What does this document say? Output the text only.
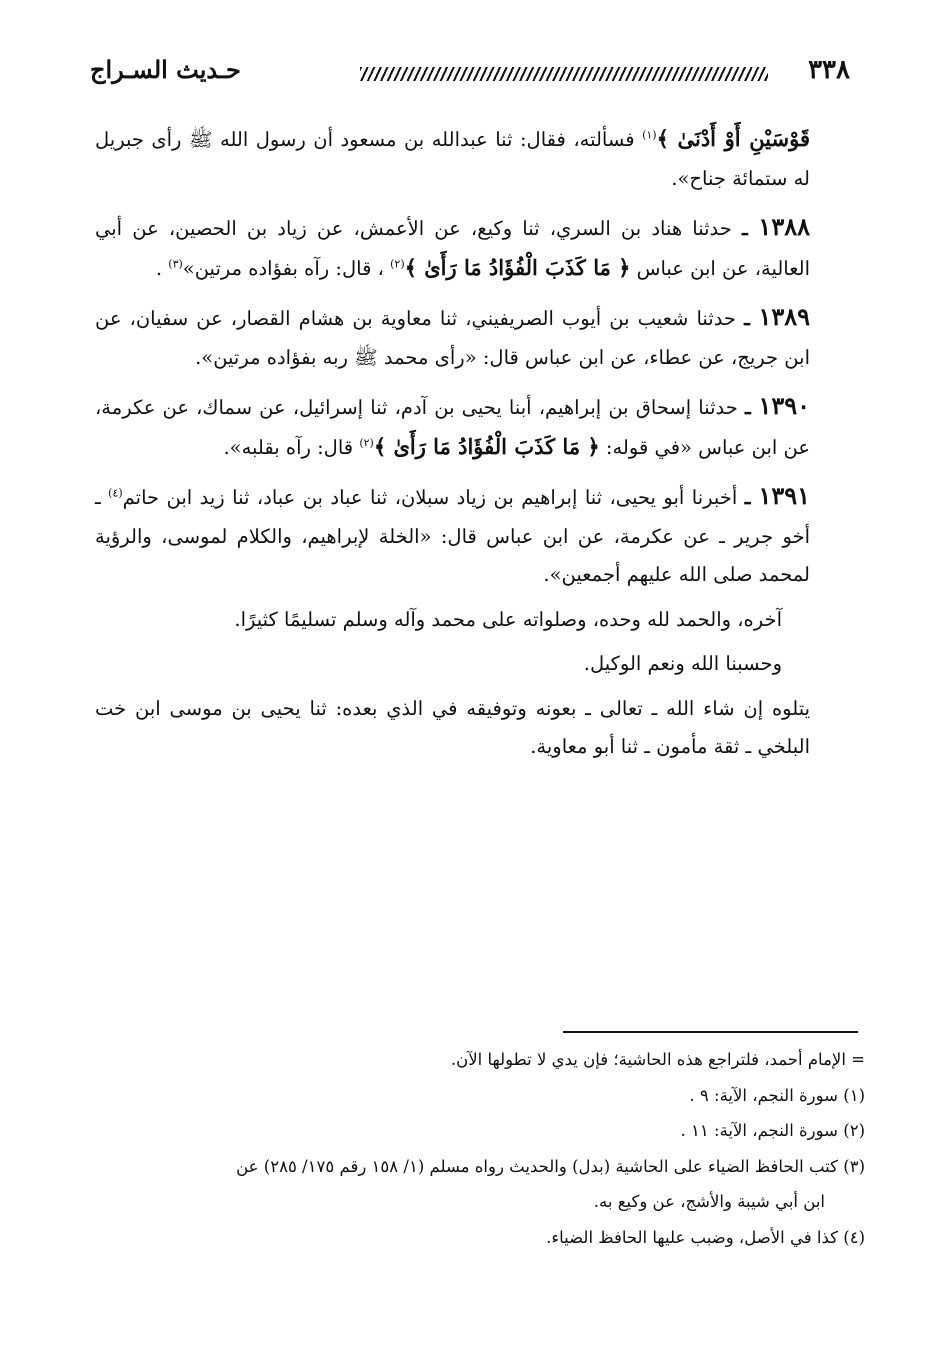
٣٣٨
حـديث السـراج

قَوْسَيْنِ أَوْ أَدْنَىٰ ﴾$^{(١)}$ فسألته، فقال: ثنا عبدالله بن مسعود أن رسول الله ﷺ رأى جبريل له ستمائة جناح».

١٣٨٨ ـ حدثنا هناد بن السري، ثنا وكيع، عن الأعمش، عن زياد بن الحصين، عن أبي العالية، عن ابن عباس ﴿ مَا كَذَبَ الْفُؤَادُ مَا رَأَىٰ ﴾$^{(٢)}$ ، قال: رآه بفؤاده مرتين»$^{(٣)}$ .

١٣٨٩ ـ حدثنا شعيب بن أيوب الصريفيني، ثنا معاوية بن هشام القصار، عن سفيان، عن ابن جريج، عن عطاء، عن ابن عباس قال: «رأى محمد ﷺ ربه بفؤاده مرتين».

١٣٩٠ ـ حدثنا إسحاق بن إبراهيم، أبنا يحيى بن آدم، ثنا إسرائيل، عن سماك، عن عكرمة، عن ابن عباس «في قوله: ﴿ مَا كَذَبَ الْفُؤَادُ مَا رَأَىٰ ﴾$^{(٢)}$ قال: رآه بقلبه».

١٣٩١ ـ أخبرنا أبو يحيى، ثنا إبراهيم بن زياد سبلان، ثنا عباد بن عباد، ثنا زيد ابن حاتم$^{(٤)}$ ـ أخو جرير ـ عن عكرمة، عن ابن عباس قال: «الخلة لإبراهيم، والكلام لموسى، والرؤية لمحمد صلى الله عليهم أجمعين».

آخره، والحمد لله وحده، وصلواته على محمد وآله وسلم تسليمًا كثيرًا.

وحسبنا الله ونعم الوكيل.

يتلوه إن شاء الله ـ تعالى ـ بعونه وتوفيقه في الذي بعده: ثنا يحيى بن موسى ابن خت البلخي ـ ثقة مأمون ـ ثنا أبو معاوية.

= الإمام أحمد، فلتراجع هذه الحاشية؛ فإن يدي لا تطولها الآن.

(١) سورة النجم، الآية: ٩ .

(٢) سورة النجم، الآية: ١١ .

(٣) كتب الحافظ الضياء على الحاشية (بدل) والحديث رواه مسلم (١/ ١٥٨ رقم ١٧٥/ ٢٨٥) عن

ابن أبي شيبة والأشج، عن وكيع به.

(٤) كذا في الأصل، وضبب عليها الحافظ الضياء.
